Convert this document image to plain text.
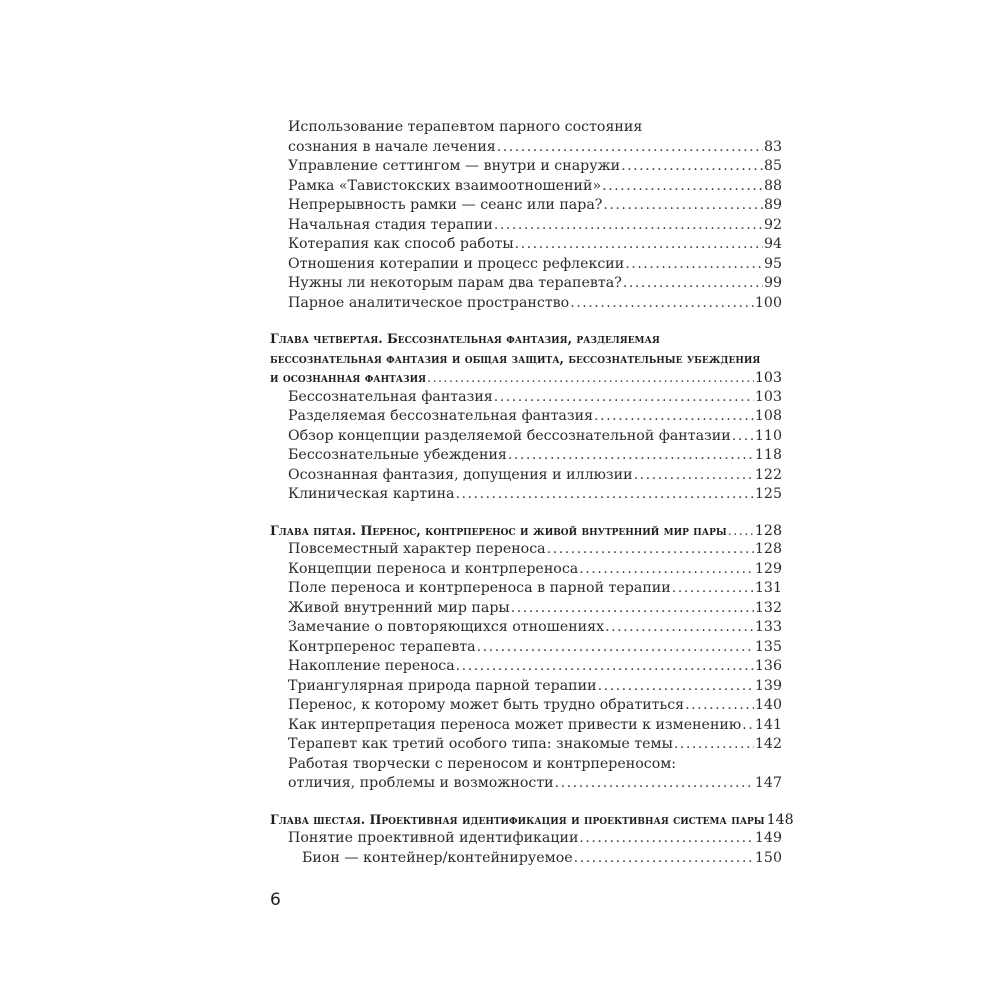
Использование терапевтом парного состояния
сознания в начале лечения .....	83
Управление сеттингом — внутри и снаружи .....	85
Рамка «Тавистокских взаимоотношений» .....	88
Непрерывность рамки — сеанс или пара? .....	89
Начальная стадия терапии .....	92
Котерапия как способ работы .....	94
Отношения котерапии и процесс рефлексии .....	95
Нужны ли некоторым парам два терапевта? .....	99
Парное аналитическое пространство .....	100
Глава четвертая. Бессознательная фантазия, разделяемая
бессознательная фантазия и общая защита, бессознательные убеждения
и осознанная фантазия .....	103
Бессознательная фантазия .....	103
Разделяемая бессознательная фантазия .....	108
Обзор концепции разделяемой бессознательной фантазии ..... 110
Бессознательные убеждения .....	118
Осознанная фантазия, допущения и иллюзии .....	122
Клиническая картина .....	125
Глава пятая. Перенос, контрперенос и живой внутренний мир пары ..... 128
Повсеместный характер переноса .....	128
Концепции переноса и контрпереноса .....	129
Поле переноса и контрпереноса в парной терапии .....	131
Живой внутренний мир пары .....	132
Замечание о повторяющихся отношениях .....	133
Контрперенос терапевта .....	135
Накопление переноса .....	136
Триангулярная природа парной терапии .....	139
Перенос, к которому может быть трудно обратиться .....	140
Как интерпретация переноса может привести к изменению ..... 141
Терапевт как третий особого типа: знакомые темы .....	142
Работая творчески с переносом и контрпереносом:
отличия, проблемы и возможности .....	147
Глава шестая. Проективная идентификация и проективная система пары 148
Понятие проективной идентификации .....	149
Бион — контейнер/контейнируемое .....	150
6
